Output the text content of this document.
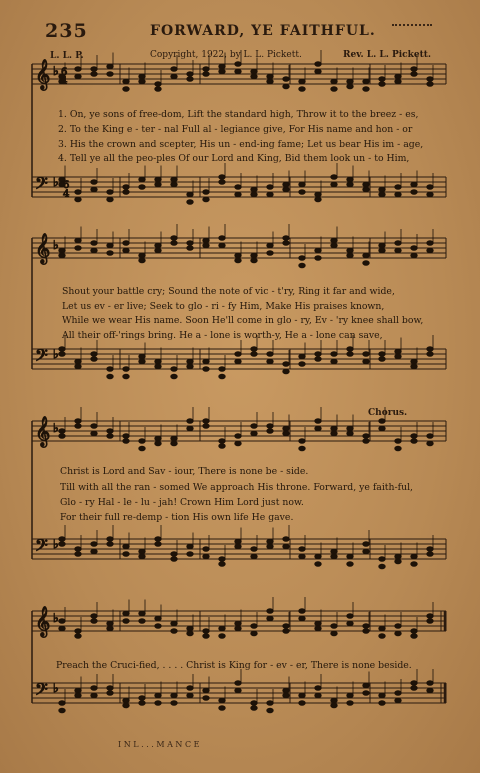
235	FORWARD, YE FAITHFUL.
L. L. P.	Copyright, 1922, by L. L. Pickett.	Rev. L. L. Pickett.
𝄞
𝄢
♭
♭
𝄞
𝄢
♭
♭
𝄞
𝄢
♭
♭
𝄞
𝄢
♭
♭
6
4
6
4
1. On, ye sons of free-dom, Lift the standard high, Throw it to the breez - es,
2. To the King e - ter - nal Full al - legiance give, For His name and hon - or
3. His the crown and scepter, His un - end-ing fame; Let us bear His im - age,
4. Tell ye all the peo-ples Of our Lord and King, Bid them look un - to Him,
Shout your battle cry; Sound the note of vic - t'ry, Ring it far and wide,
Let us ev - er live; Seek to glo - ri - fy Him, Make His praises known,
While we wear His name. Soon He'll come in glo - ry, Ev - 'ry knee shall bow,
All their off-'rings bring. He a - lone is worth-y, He a - lone can save,
Chorus.
Christ is Lord and Sav - iour, There is none be - side.
Till with all the ran - somed We approach His throne. Forward, ye faith-ful,
Glo - ry Hal - le - lu - jah! Crown Him Lord just now.
For their full re-demp - tion His own life He gave.
Preach the Cruci-fied, . . . . Christ is King for - ev - er, There is none beside.
I N L . . . M A N C E
